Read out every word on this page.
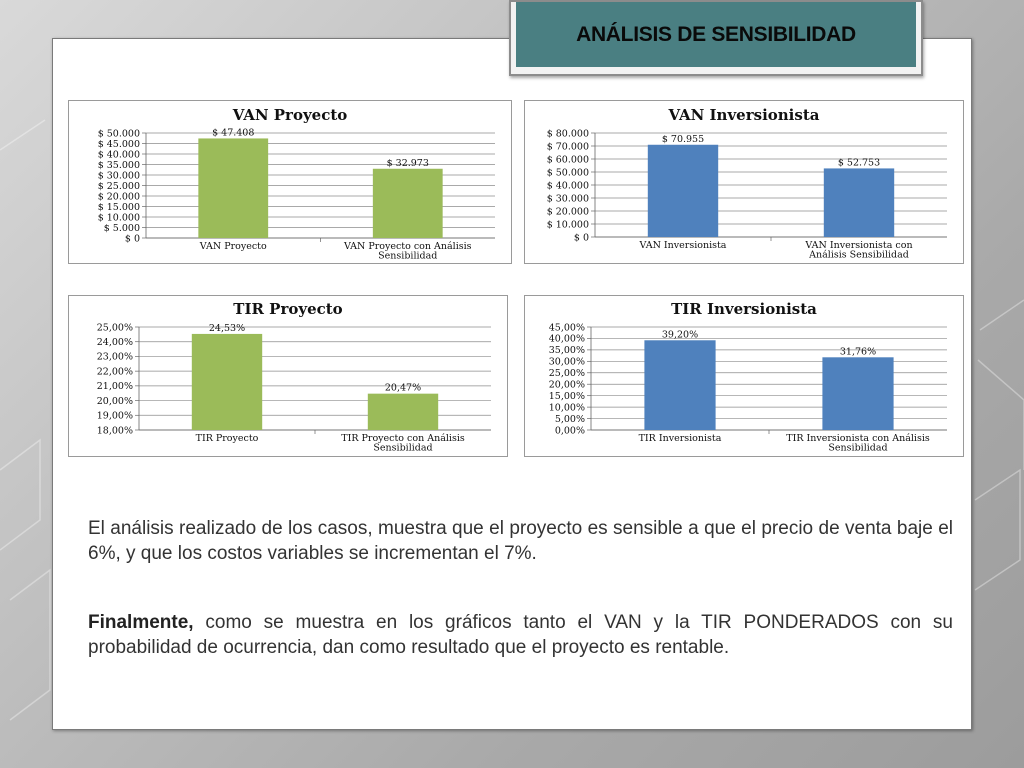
ANÁLISIS DE SENSIBILIDAD
VAN Proyecto
$ 0
$ 5.000
$ 10.000
$ 15.000
$ 20.000
$ 25.000
$ 30.000
$ 35.000
$ 40.000
$ 45.000
$ 50.000	$ 47.408
VAN Proyecto
$ 32.973
VAN Proyecto con Análisis
Sensibilidad
VAN Inversionista
$ 0
$ 10.000
$ 20.000
$ 30.000
$ 40.000
$ 50.000
$ 60.000
$ 70.000
$ 80.000	$ 70.955
VAN Inversionista
$ 52.753
VAN Inversionista con
Análisis Sensibilidad
TIR Proyecto
18,00%
19,00%
20,00%
21,00%
22,00%
23,00%
24,00%
25,00%	24,53%
TIR Proyecto
20,47%
TIR Proyecto con Análisis
Sensibilidad
TIR Inversionista
0,00%
5,00%
10,00%
15,00%
20,00%
25,00%
30,00%
35,00%
40,00%
45,00%
39,20%
TIR Inversionista
31,76%
TIR Inversionista con Análisis
Sensibilidad

El análisis realizado de los casos, muestra que el proyecto es sensible a que el precio de venta baje el 6%, y que los costos variables se incrementan el 7%.

Finalmente, como se muestra en los gráficos tanto el VAN y la TIR PONDERADOS con su probabilidad de ocurrencia, dan como resultado que el proyecto es rentable.
